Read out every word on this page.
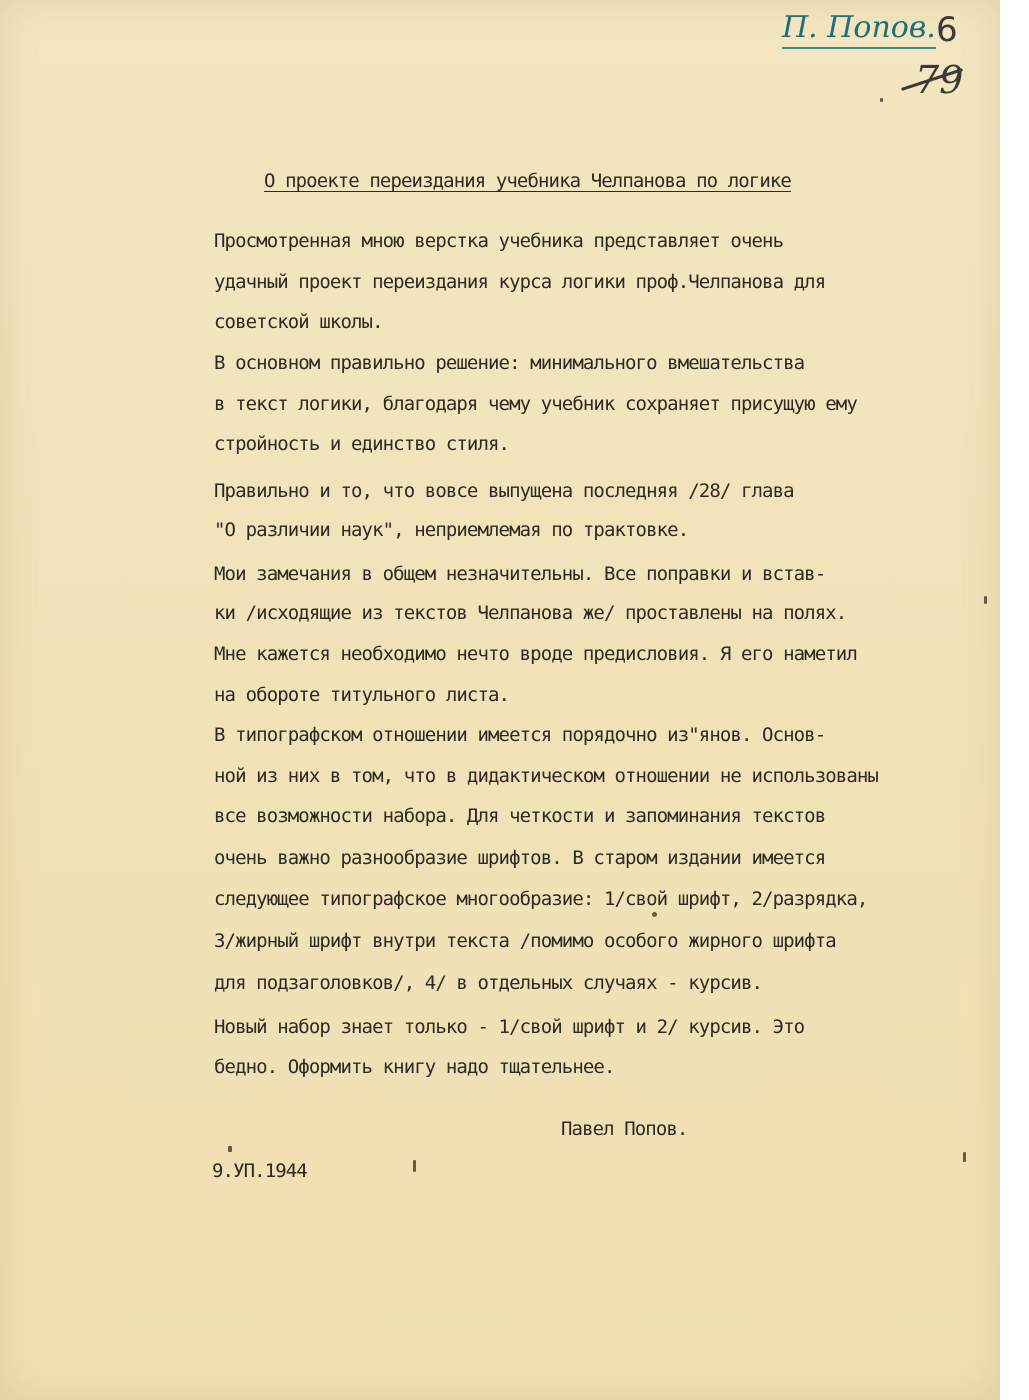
П. Попов. 6
79
О проекте переиздания учебника Челпанова по логике
Просмотренная мною верстка учебника представляет очень
удачный проект переиздания курса логики проф.Челпанова для
советской школы.
В основном правильно решение: минимального вмешательства
в текст логики, благодаря чему учебник сохраняет присущую ему
стройность и единство стиля.
Правильно и то, что вовсе выпущена последняя /28/ глава
"О различии наук", неприемлемая по трактовке.
Мои замечания в общем незначительны. Все поправки и встав-
ки /исходящие из текстов Челпанова же/ проставлены на полях.
Мне кажется необходимо нечто вроде предисловия. Я его наметил
на обороте титульного листа.
В типографском отношении имеется порядочно из"янов. Основ-
ной из них в том, что в дидактическом отношении не использованы
все возможности набора. Для четкости и запоминания текстов
очень важно разнообразие шрифтов. В старом издании имеется
следующее типографское многообразие: 1/свой шрифт, 2/разрядка,
3/жирный шрифт внутри текста /помимо особого жирного шрифта
для подзаголовков/, 4/ в отдельных случаях - курсив.
Новый набор знает только - 1/свой шрифт и 2/ курсив. Это
бедно. Оформить книгу надо тщательнее.
Павел Попов.
9.УП.1944
